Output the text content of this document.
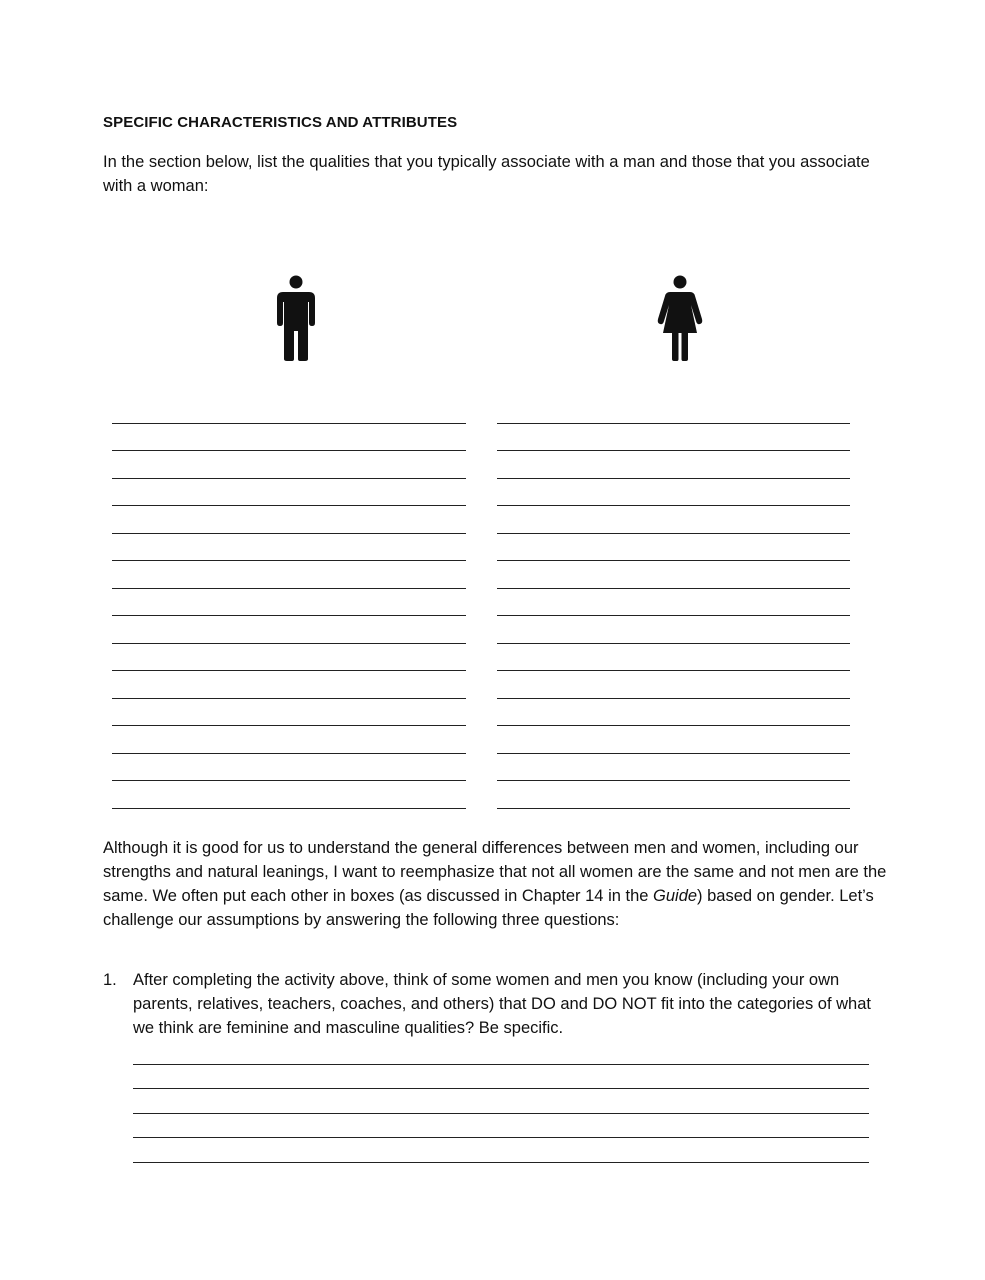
SPECIFIC CHARACTERISTICS AND ATTRIBUTES
In the section below, list the qualities that you typically associate with a man and those that you associate with a woman:
Although it is good for us to understand the general differences between men and women, including our strengths and natural leanings, I want to reemphasize that not all women are the same and not men are the same. We often put each other in boxes (as discussed in Chapter 14 in the Guide) based on gender. Let’s challenge our assumptions by answering the following three questions:
1. After completing the activity above, think of some women and men you know (including your own parents, relatives, teachers, coaches, and others) that DO and DO NOT fit into the categories of what we think are feminine and masculine qualities? Be specific.
